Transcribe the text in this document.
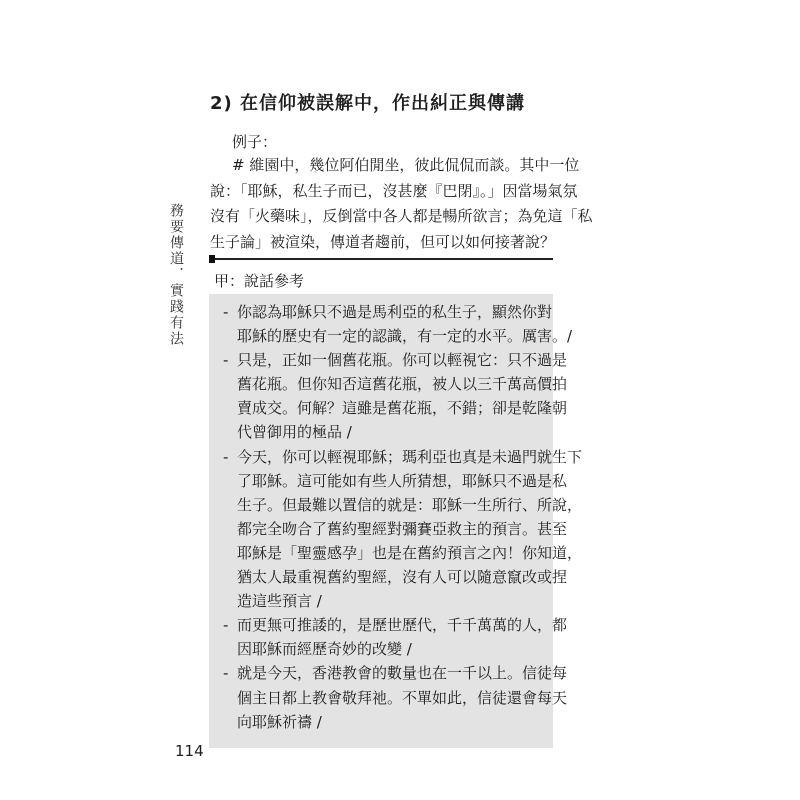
2) 在信仰被誤解中，作出糾正與傳講

例子：

# 維園中，幾位阿伯閒坐，彼此侃侃而談。其中一位
說：「耶穌，私生子而已，沒甚麼『巴閉』。」因當場氣氛
沒有「火藥味」，反倒當中各人都是暢所欲言；為免這「私
生子論」被渲染，傳道者趨前，但可以如何接著說？

務要傳道．實踐有法 甲：說話參考

- 你認為耶穌只不過是馬利亞的私生子，顯然你對
耶穌的歷史有一定的認識，有一定的水平。厲害。/
- 只是，正如一個舊花瓶。你可以輕視它：只不過是
舊花瓶。但你知否這舊花瓶，被人以三千萬高價拍
賣成交。何解？這雖是舊花瓶，不錯；卻是乾隆朝
代曾御用的極品 /
- 今天，你可以輕視耶穌；瑪利亞也真是未過門就生下
了耶穌。這可能如有些人所猜想，耶穌只不過是私
生子。但最難以置信的就是：耶穌一生所行、所說，
都完全吻合了舊約聖經對彌賽亞救主的預言。甚至
耶穌是「聖靈感孕」也是在舊約預言之內！你知道，
猶太人最重視舊約聖經，沒有人可以隨意竄改或捏
造這些預言 /
- 而更無可推諉的，是歷世歷代，千千萬萬的人，都
因耶穌而經歷奇妙的改變 /
- 就是今天，香港教會的數量也在一千以上。信徒每
個主日都上教會敬拜祂。不單如此，信徒還會每天
向耶穌祈禱 /

114
